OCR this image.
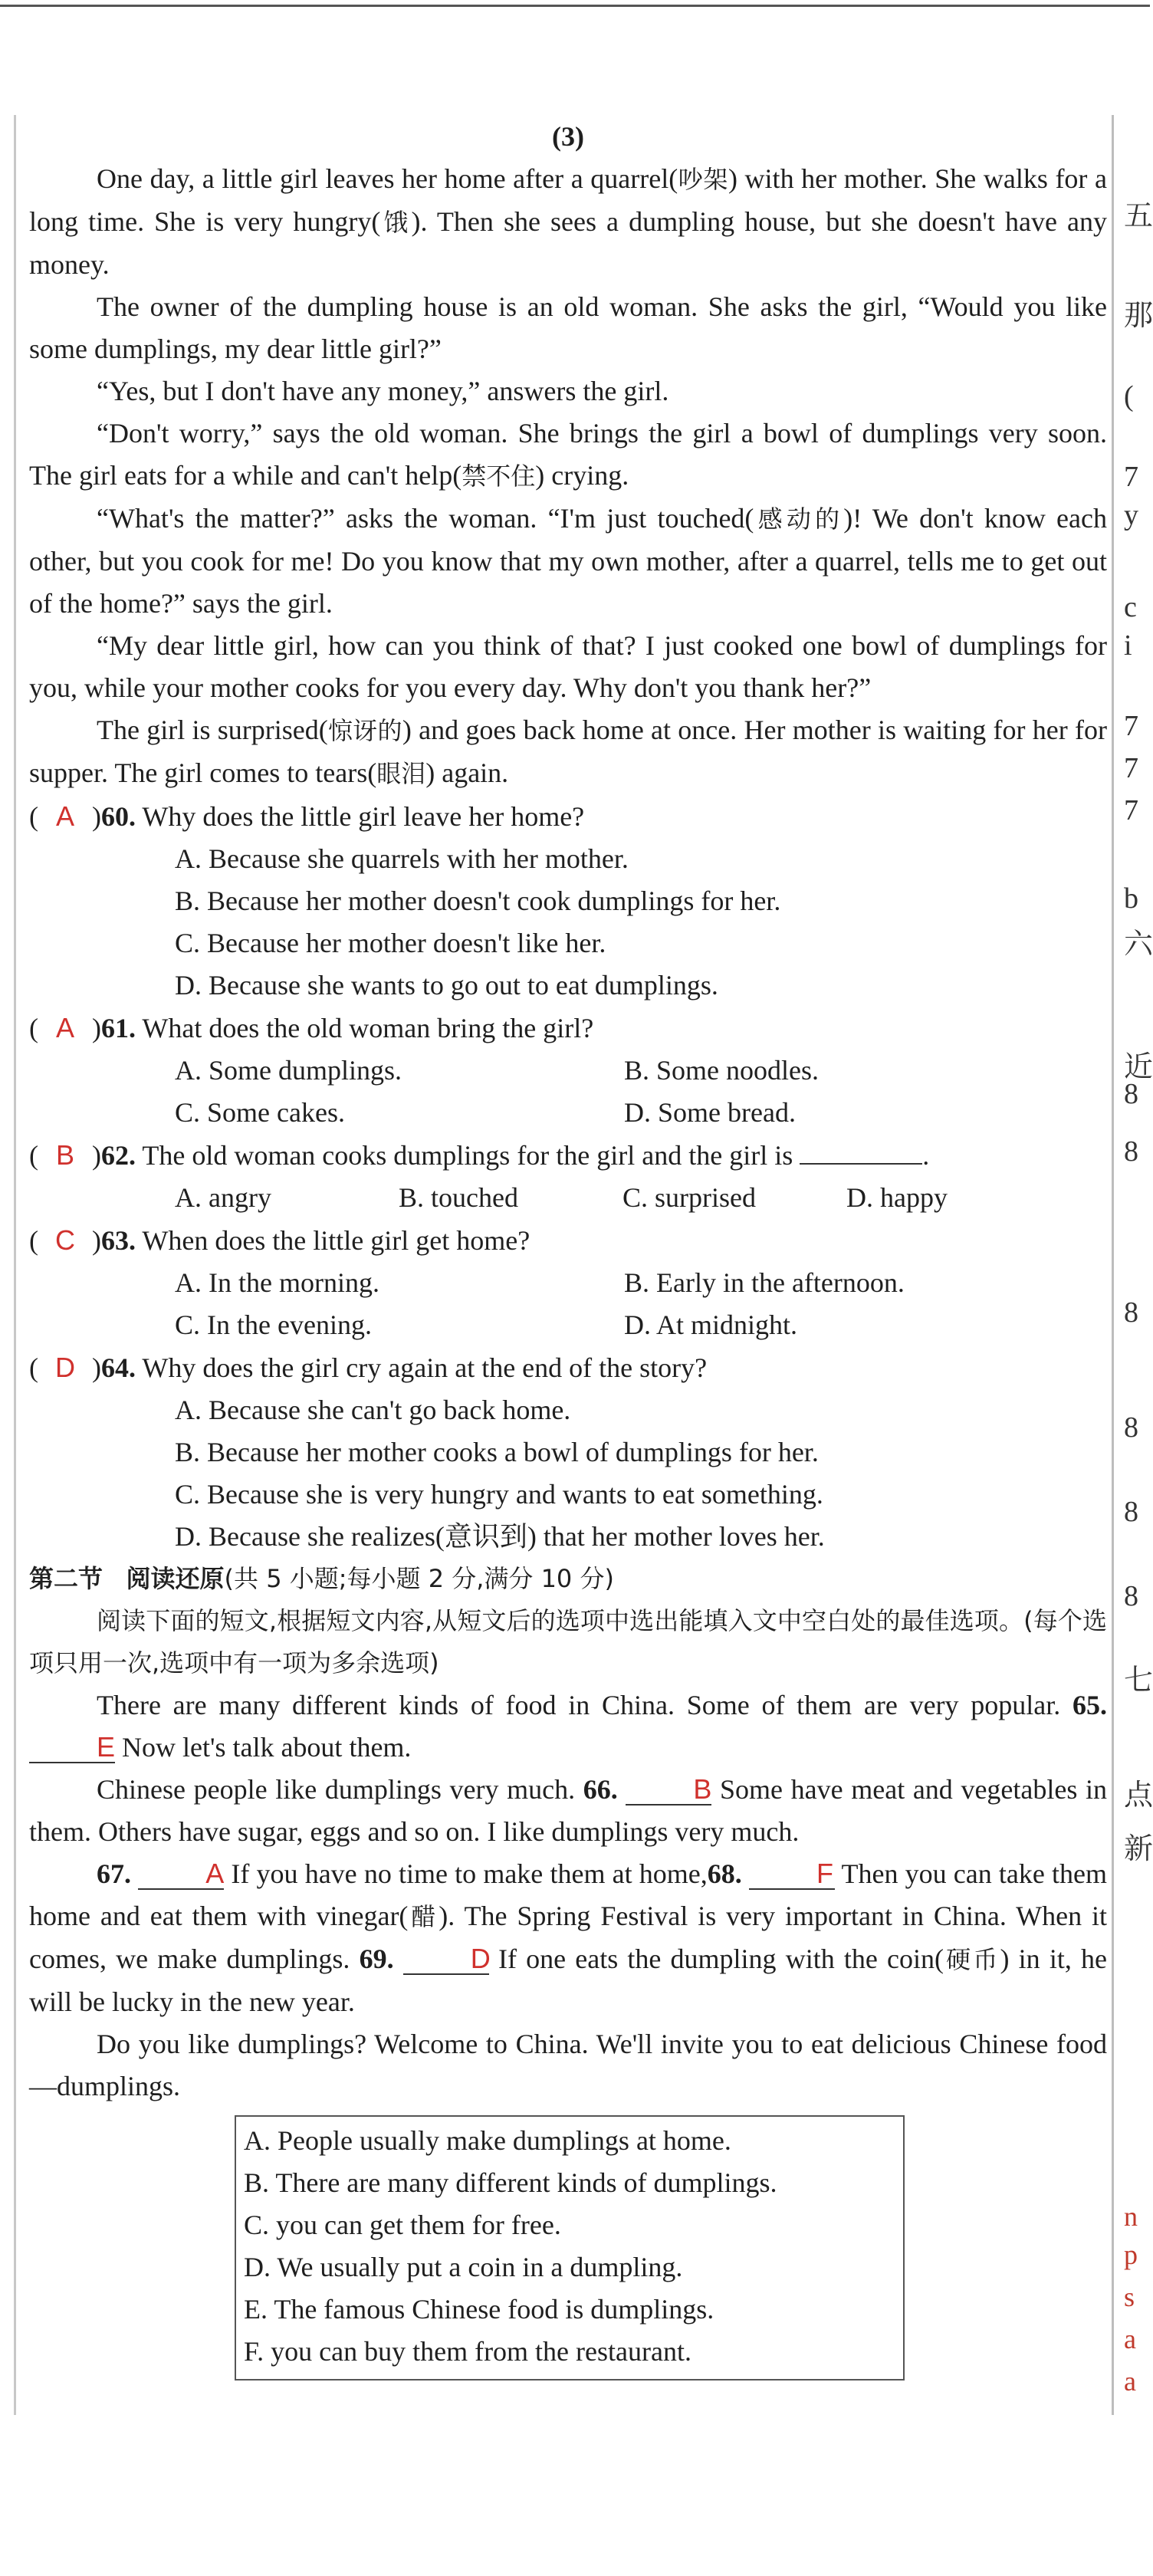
五
那
(
7
y
c
i
7
7
7
b
六
近
8
8
8
8
8
8
七
点
新
n
p
s
a
a
(3)

One day, a little girl leaves her home after a quarrel(吵架) with her mother. She walks for a long time. She is very hungry(饿). Then she sees a dumpling house, but she doesn't have any money.

The owner of the dumpling house is an old woman. She asks the girl, “Would you like some dumplings, my dear little girl?”

“Yes, but I don't have any money,” answers the girl.

“Don't worry,” says the old woman. She brings the girl a bowl of dumplings very soon. The girl eats for a while and can't help(禁不住) crying.

“What's the matter?” asks the woman. “I'm just touched(感动的)! We don't know each other, but you cook for me! Do you know that my own mother, after a quarrel, tells me to get out of the home?” says the girl.

“My dear little girl, how can you think of that? I just cooked one bowl of dumplings for you, while your mother cooks for you every day. Why don't you thank her?”

The girl is surprised(惊讶的) and goes back home at once. Her mother is waiting for her for supper. The girl comes to tears(眼泪) again.

( A )60. Why does the little girl leave her home?

A. Because she quarrels with her mother.

B. Because her mother doesn't cook dumplings for her.

C. Because her mother doesn't like her.

D. Because she wants to go out to eat dumplings.

( A )61. What does the old woman bring the girl?

A. Some dumplings.	B. Some noodles.
C. Some cakes.	D. Some bread.

( B )62. The old woman cooks dumplings for the girl and the girl is	.

A. angry	B. touched	C. surprised	D. happy

( C )63. When does the little girl get home?

A. In the morning.	B. Early in the afternoon.
C. In the evening.	D. At midnight.

( D )64. Why does the girl cry again at the end of the story?

A. Because she can't go back home.

B. Because her mother cooks a bowl of dumplings for her.

C. Because she is very hungry and wants to eat something.

D. Because she realizes(意识到) that her mother loves her.

第二节 阅读还原(共 5 小题;每小题 2 分,满分 10 分)

阅读下面的短文,根据短文内容,从短文后的选项中选出能填入文中空白处的最佳选项。(每个选项只用一次,选项中有一项为多余选项)

There are many different kinds of food in China. Some of them are very popular. 65. E Now let's talk about them.

Chinese people like dumplings very much. 66.	B Some have meat and vegetables in them. Others have sugar, eggs and so on. I like dumplings very much.

67.	A If you have no time to make them at home,68.	F Then you can take them home and eat them with vinegar(醋). The Spring Festival is very important in China. When it comes, we make dumplings. 69.	D If one eats the dumpling with the coin(硬币) in it, he will be lucky in the new year.

Do you like dumplings? Welcome to China. We'll invite you to eat delicious Chinese food—dumplings.

A. People usually make dumplings at home.
B. There are many different kinds of dumplings.
C. you can get them for free.
D. We usually put a coin in a dumpling.
E. The famous Chinese food is dumplings.
F. you can buy them from the restaurant.
